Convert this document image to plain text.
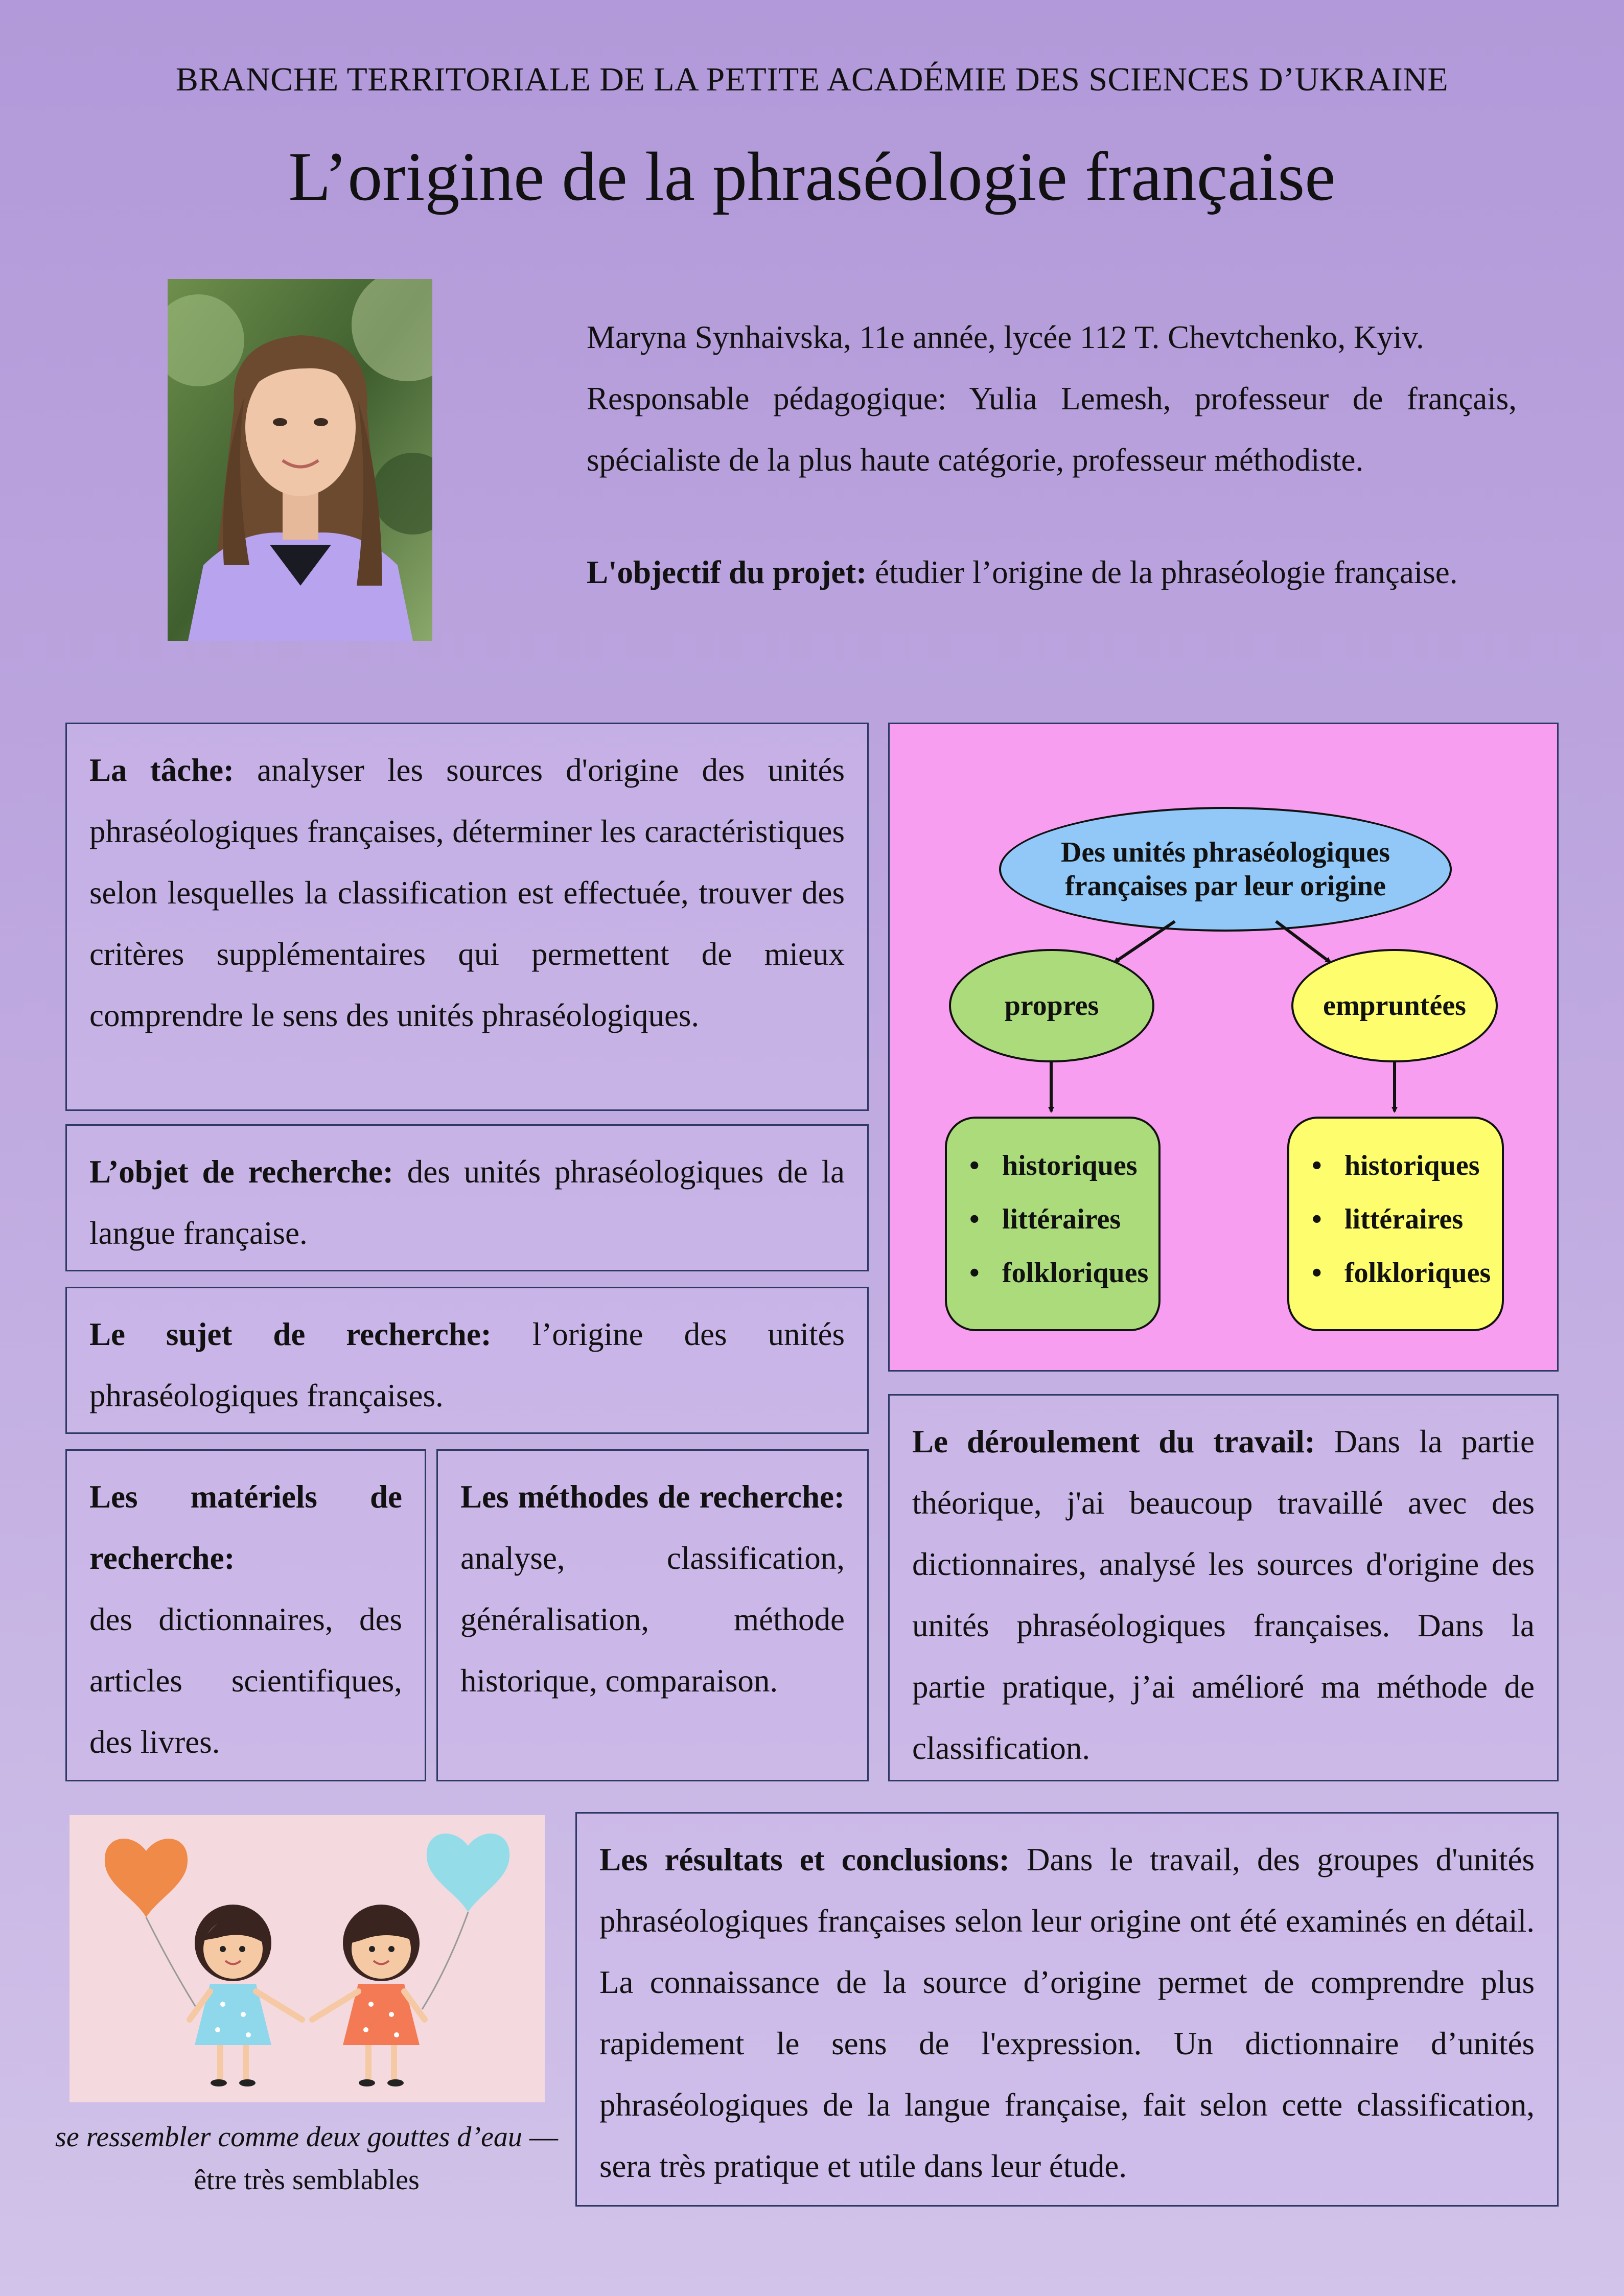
BRANCHE TERRITORIALE DE LA PETITE ACADÉMIE DES SCIENCES D’UKRAINE
L’origine de la phraséologie française

Maryna Synhaivska, 11e année, lycée 112 T. Chevtchenko, Kyiv.

Responsable pédagogique: Yulia Lemesh, professeur de français, spécialiste de la plus haute catégorie, professeur méthodiste.

L'objectif du projet: étudier l’origine de la phraséologie française.

La tâche: analyser les sources d'origine des unités phraséologiques françaises, déterminer les caractéristiques selon lesquelles la classification est effectuée, trouver des critères supplémentaires qui permettent de mieux comprendre le sens des unités phraséologiques.

L’objet de recherche: des unités phraséologiques de la langue française.

Le sujet de recherche: l’origine des unités phraséologiques françaises.

Les matériels de recherche:

des dictionnaires, des articles scientifiques, des livres.

Les méthodes de recherche:

analyse, classification, généralisation, méthode historique, comparaison.

Des unités phraséologiques françaises par leur origine
propres	empruntées
• historiques
• littéraires
• folkloriques
• historiques
• littéraires
• folkloriques

Le déroulement du travail: Dans la partie théorique, j'ai beaucoup travaillé avec des dictionnaires, analysé les sources d'origine des unités phraséologiques françaises. Dans la partie pratique, j’ai amélioré ma méthode de classification.

se ressembler comme deux gouttes d’eau — être très semblables

Les résultats et conclusions: Dans le travail, des groupes d'unités phraséologiques françaises selon leur origine ont été examinés en détail. La connaissance de la source d’origine permet de comprendre plus rapidement le sens de l'expression. Un dictionnaire d’unités phraséologiques de la langue française, fait selon cette classification, sera très pratique et utile dans leur étude.
